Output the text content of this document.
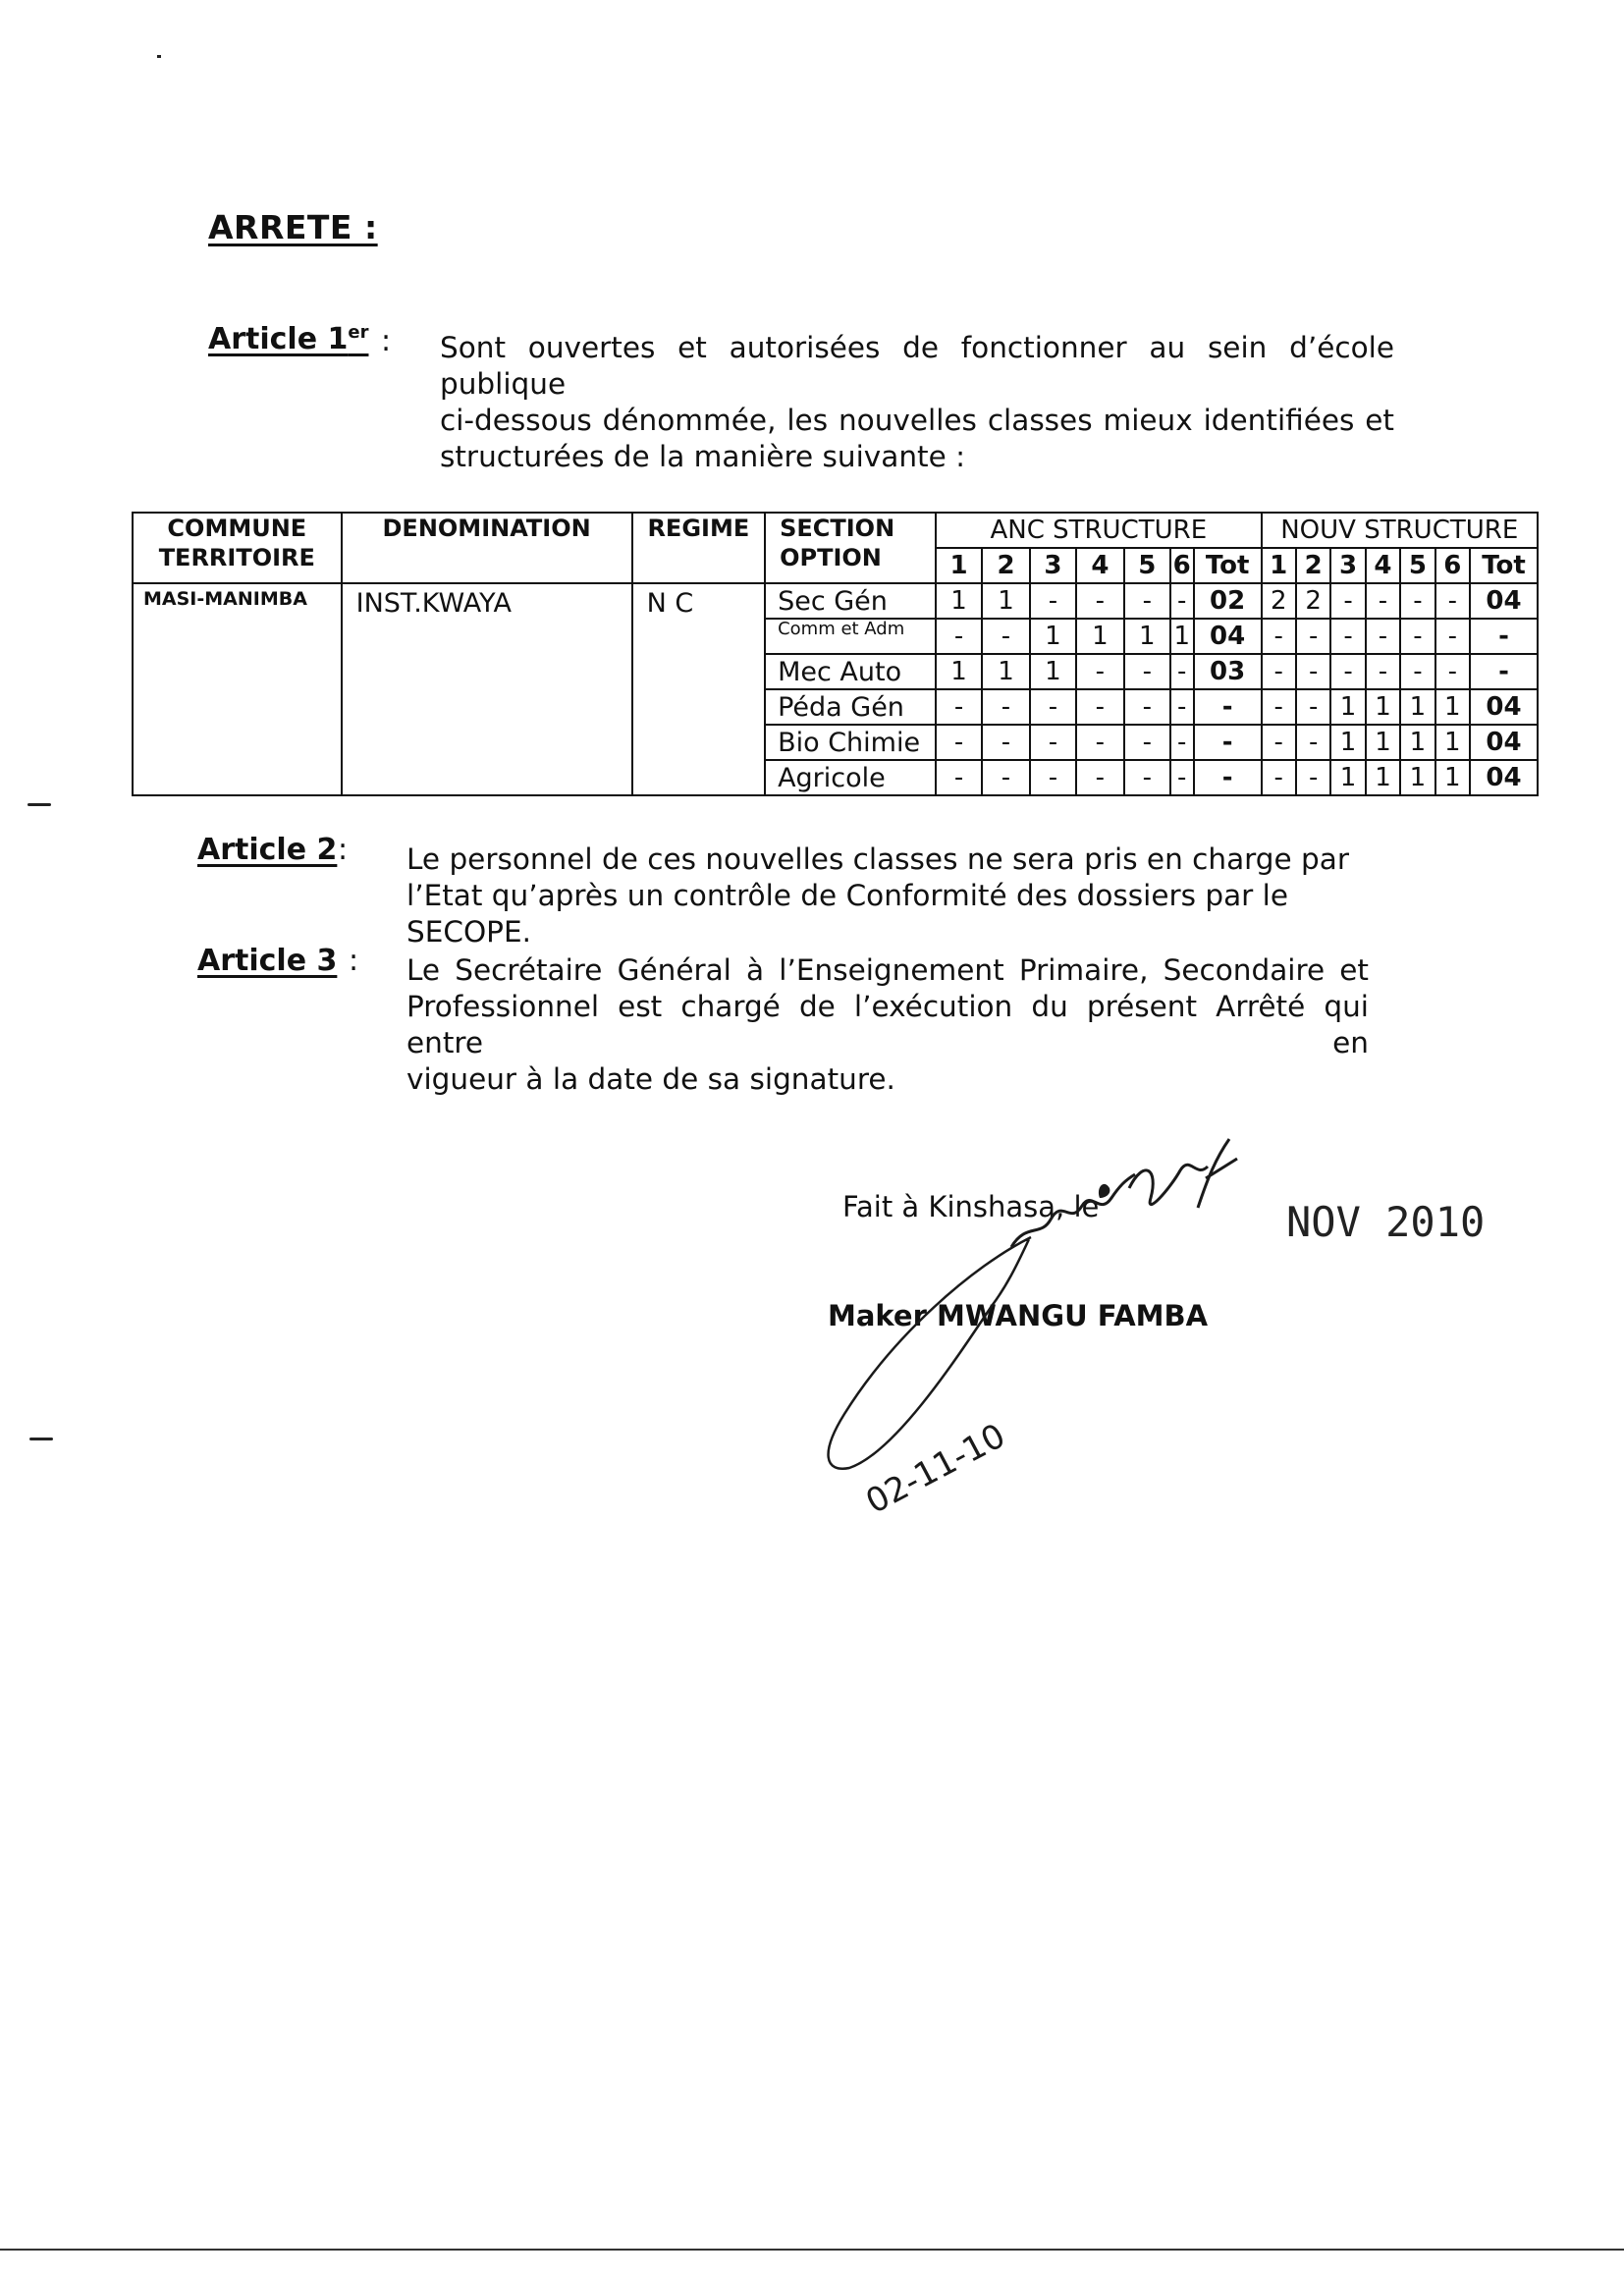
ARRETE :
Article 1er : Sont ouvertes et autorisées de fonctionner au sein d’école publique
ci-dessous dénommée, les nouvelles classes mieux identifiées et
structurées de la manière suivante :
COMMUNE TERRITOIRE	DENOMINATION	REGIME	SECTION OPTION	ANC STRUCTURE							NOUV STRUCTURE						
				1	2	3	4	5	6	Tot	1	2	3	4	5	6	Tot
MASI-MANIMBA	INST.KWAYA	N C	Sec Gén	1	1	-	-	-	-	02	2	2	-	-	-	-	04
			Comm et Adm	-	-	1	1	1	1	04	-	-	-	-	-	-	-
			Mec Auto	1	1	1	-	-	-	03	-	-	-	-	-	-	-
			Péda Gén	-	-	-	-	-	-	-	-	-	1	1	1	1	04
			Bio Chimie	-	-	-	-	-	-	-	-	-	1	1	1	1	04
			Agricole	-	-	-	-	-	-	-	-	-	1	1	1	1	04
Article 2 : Le personnel de ces nouvelles classes ne sera pris en charge par
l’Etat qu’après un contrôle de Conformité des dossiers par le SECOPE.
Article 3 : Le Secrétaire Général à l’Enseignement Primaire, Secondaire et
Professionnel est chargé de l’exécution du présent Arrêté qui entre en
vigueur à la date de sa signature.
Fait à Kinshasa, le	NOV 2010
Maker MWANGU FAMBA
02-11-10
